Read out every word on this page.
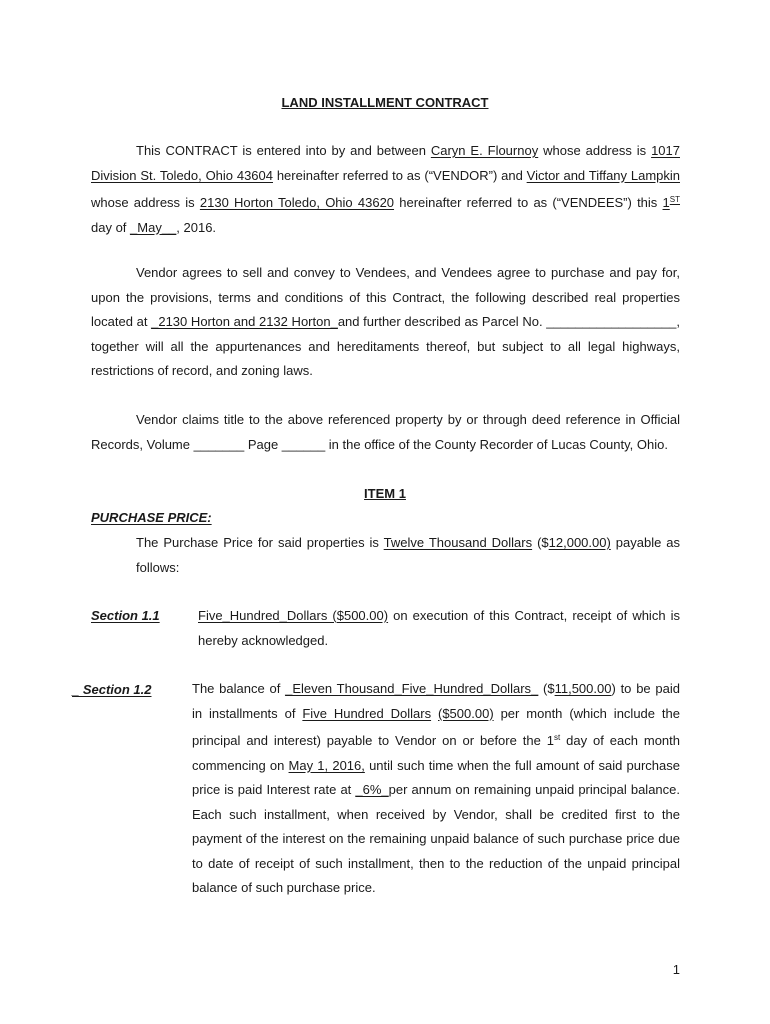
LAND INSTALLMENT CONTRACT
This CONTRACT is entered into by and between Caryn E. Flournoy whose address is 1017 Division St. Toledo, Ohio 43604 hereinafter referred to as (“VENDOR”) and Victor and Tiffany Lampkin whose address is 2130 Horton Toledo, Ohio 43620 hereinafter referred to as (“VENDEES”) this 1ST day of _May__, 2016.
Vendor agrees to sell and convey to Vendees, and Vendees agree to purchase and pay for, upon the provisions, terms and conditions of this Contract, the following described real properties located at _2130 Horton and 2132 Horton_and further described as Parcel No. __________________, together will all the appurtenances and hereditaments thereof, but subject to all legal highways, restrictions of record, and zoning laws.
Vendor claims title to the above referenced property by or through deed reference in Official Records, Volume _______ Page ______ in the office of the County Recorder of Lucas County, Ohio.
ITEM 1
PURCHASE PRICE:
The Purchase Price for said properties is Twelve Thousand Dollars ($12,000.00) payable as follows:
Section 1.1	Five_Hundred_Dollars ($500.00) on execution of this Contract, receipt of which is hereby acknowledged.
_ Section 1.2	The balance of _Eleven Thousand_Five_Hundred_Dollars_ ($11,500.00) to be paid in installments of Five Hundred Dollars ($500.00) per month (which include the principal and interest) payable to Vendor on or before the 1st day of each month commencing on May 1, 2016, until such time when the full amount of said purchase price is paid Interest rate at _6%_per annum on remaining unpaid principal balance. Each such installment, when received by Vendor, shall be credited first to the payment of the interest on the remaining unpaid balance of such purchase price due to date of receipt of such installment, then to the reduction of the unpaid principal balance of such purchase price.
1
